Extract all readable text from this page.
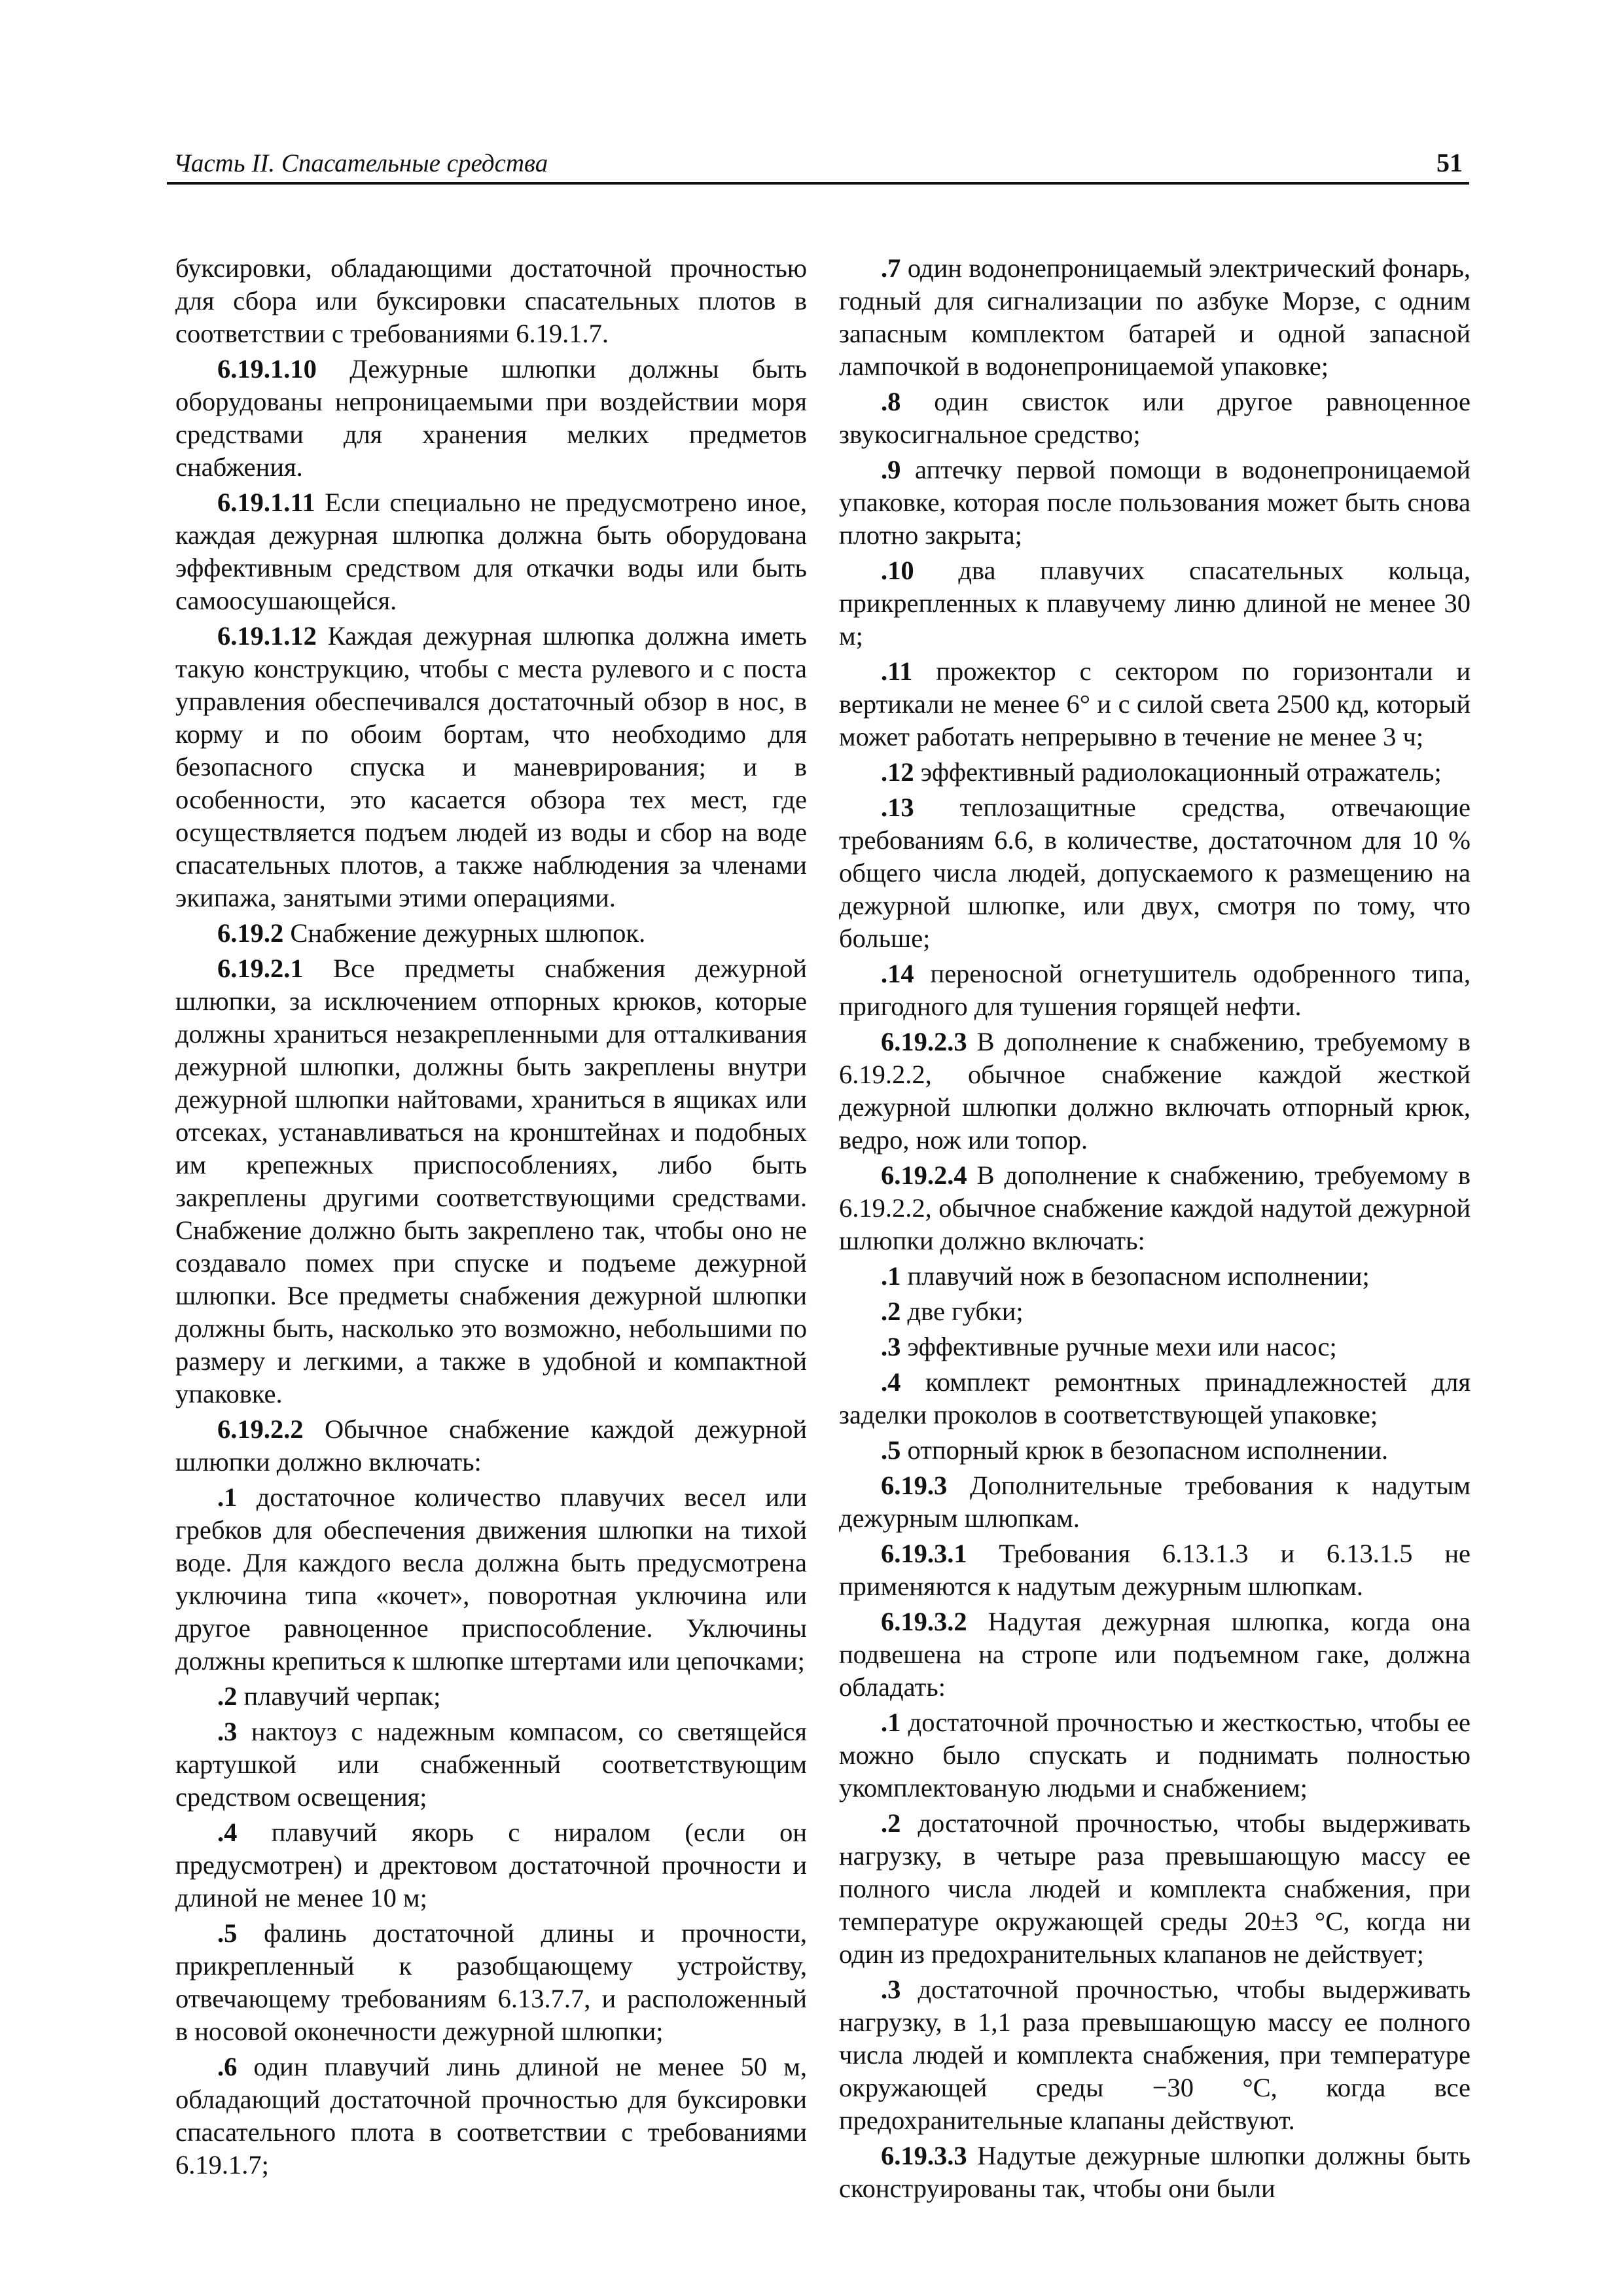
Часть II. Спасательные средства	51

буксировки, обладающими достаточной прочностью для сбора или буксировки спасательных плотов в соответствии с требованиями 6.19.1.7.

6.19.1.10 Дежурные шлюпки должны быть оборудованы непроницаемыми при воздействии моря средствами для хранения мелких предметов снабжения.

6.19.1.11 Если специально не предусмотрено иное, каждая дежурная шлюпка должна быть оборудована эффективным средством для откачки воды или быть самоосушающейся.

6.19.1.12 Каждая дежурная шлюпка должна иметь такую конструкцию, чтобы с места рулевого и с поста управления обеспечивался достаточный обзор в нос, в корму и по обоим бортам, что необходимо для безопасного спуска и маневрирования; и в особенности, это касается обзора тех мест, где осуществляется подъем людей из воды и сбор на воде спасательных плотов, а также наблюдения за членами экипажа, занятыми этими операциями.

6.19.2 Снабжение дежурных шлюпок.

6.19.2.1 Все предметы снабжения дежурной шлюпки, за исключением отпорных крюков, которые должны храниться незакрепленными для отталкивания дежурной шлюпки, должны быть закреплены внутри дежурной шлюпки найтовами, храниться в ящиках или отсеках, устанавливаться на кронштейнах и подобных им крепежных приспособлениях, либо быть закреплены другими соответствующими средствами. Снабжение должно быть закреплено так, чтобы оно не создавало помех при спуске и подъеме дежурной шлюпки. Все предметы снабжения дежурной шлюпки должны быть, насколько это возможно, небольшими по размеру и легкими, а также в удобной и компактной упаковке.

6.19.2.2 Обычное снабжение каждой дежурной шлюпки должно включать:

.1 достаточное количество плавучих весел или гребков для обеспечения движения шлюпки на тихой воде. Для каждого весла должна быть предусмотрена уключина типа «кочет», поворотная уключина или другое равноценное приспособление. Уключины должны крепиться к шлюпке штертами или цепочками;

.2 плавучий черпак;

.3 нактоуз с надежным компасом, со светящейся картушкой или снабженный соответствующим средством освещения;

.4 плавучий якорь с ниралом (если он предусмотрен) и дректовом достаточной прочности и длиной не менее 10 м;

.5 фалинь достаточной длины и прочности, прикрепленный к разобщающему устройству, отвечающему требованиям 6.13.7.7, и расположенный в носовой оконечности дежурной шлюпки;

.6 один плавучий линь длиной не менее 50 м, обладающий достаточной прочностью для буксировки спасательного плота в соответствии с требованиями 6.19.1.7;

.7 один водонепроницаемый электрический фонарь, годный для сигнализации по азбуке Морзе, с одним запасным комплектом батарей и одной запасной лампочкой в водонепроницаемой упаковке;

.8 один свисток или другое равноценное звукосигнальное средство;

.9 аптечку первой помощи в водонепроницаемой упаковке, которая после пользования может быть снова плотно закрыта;

.10 два плавучих спасательных кольца, прикрепленных к плавучему линю длиной не менее 30 м;

.11 прожектор с сектором по горизонтали и вертикали не менее 6° и с силой света 2500 кд, который может работать непрерывно в течение не менее 3 ч;

.12 эффективный радиолокационный отражатель;

.13 теплозащитные средства, отвечающие требованиям 6.6, в количестве, достаточном для 10 % общего числа людей, допускаемого к размещению на дежурной шлюпке, или двух, смотря по тому, что больше;

.14 переносной огнетушитель одобренного типа, пригодного для тушения горящей нефти.

6.19.2.3 В дополнение к снабжению, требуемому в 6.19.2.2, обычное снабжение каждой жесткой дежурной шлюпки должно включать отпорный крюк, ведро, нож или топор.

6.19.2.4 В дополнение к снабжению, требуемому в 6.19.2.2, обычное снабжение каждой надутой дежурной шлюпки должно включать:

.1 плавучий нож в безопасном исполнении;

.2 две губки;

.3 эффективные ручные мехи или насос;

.4 комплект ремонтных принадлежностей для заделки проколов в соответствующей упаковке;

.5 отпорный крюк в безопасном исполнении.

6.19.3 Дополнительные требования к надутым дежурным шлюпкам.

6.19.3.1 Требования 6.13.1.3 и 6.13.1.5 не применяются к надутым дежурным шлюпкам.

6.19.3.2 Надутая дежурная шлюпка, когда она подвешена на стропе или подъемном гаке, должна обладать:

.1 достаточной прочностью и жесткостью, чтобы ее можно было спускать и поднимать полностью укомплектованую людьми и снабжением;

.2 достаточной прочностью, чтобы выдерживать нагрузку, в четыре раза превышающую массу ее полного числа людей и комплекта снабжения, при температуре окружающей среды 20±3 °С, когда ни один из предохранительных клапанов не действует;

.3 достаточной прочностью, чтобы выдерживать нагрузку, в 1,1 раза превышающую массу ее полного числа людей и комплекта снабжения, при температуре окружающей среды −30 °С, когда все предохранительные клапаны действуют.

6.19.3.3 Надутые дежурные шлюпки должны быть сконструированы так, чтобы они были
